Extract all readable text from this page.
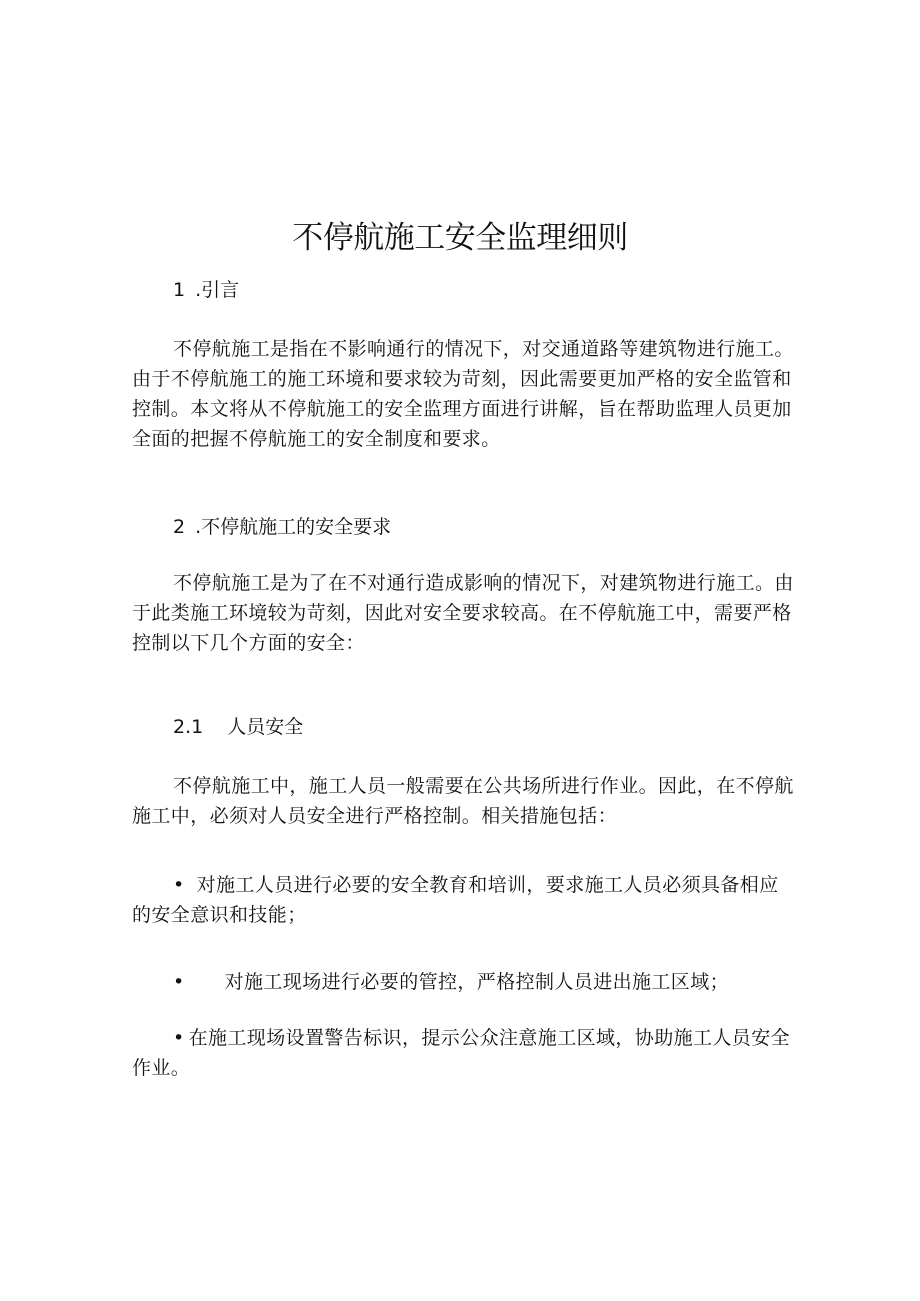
不停航施工安全监理细则
1 .引言

不停航施工是指在不影响通行的情况下，对交通道路等建筑物进行施工。由于不停航施工的施工环境和要求较为苛刻，因此需要更加严格的安全监管和控制。本文将从不停航施工的安全监理方面进行讲解，旨在帮助监理人员更加全面的把握不停航施工的安全制度和要求。

2 .不停航施工的安全要求

不停航施工是为了在不对通行造成影响的情况下，对建筑物进行施工。由于此类施工环境较为苛刻，因此对安全要求较高。在不停航施工中，需要严格控制以下几个方面的安全：

2.1 人员安全

不停航施工中，施工人员一般需要在公共场所进行作业。因此，在不停航施工中，必须对人员安全进行严格控制。相关措施包括：

• 对施工人员进行必要的安全教育和培训，要求施工人员必须具备相应的安全意识和技能；

• 对施工现场进行必要的管控，严格控制人员进出施工区域；

• 在施工现场设置警告标识，提示公众注意施工区域，协助施工人员安全作业。
